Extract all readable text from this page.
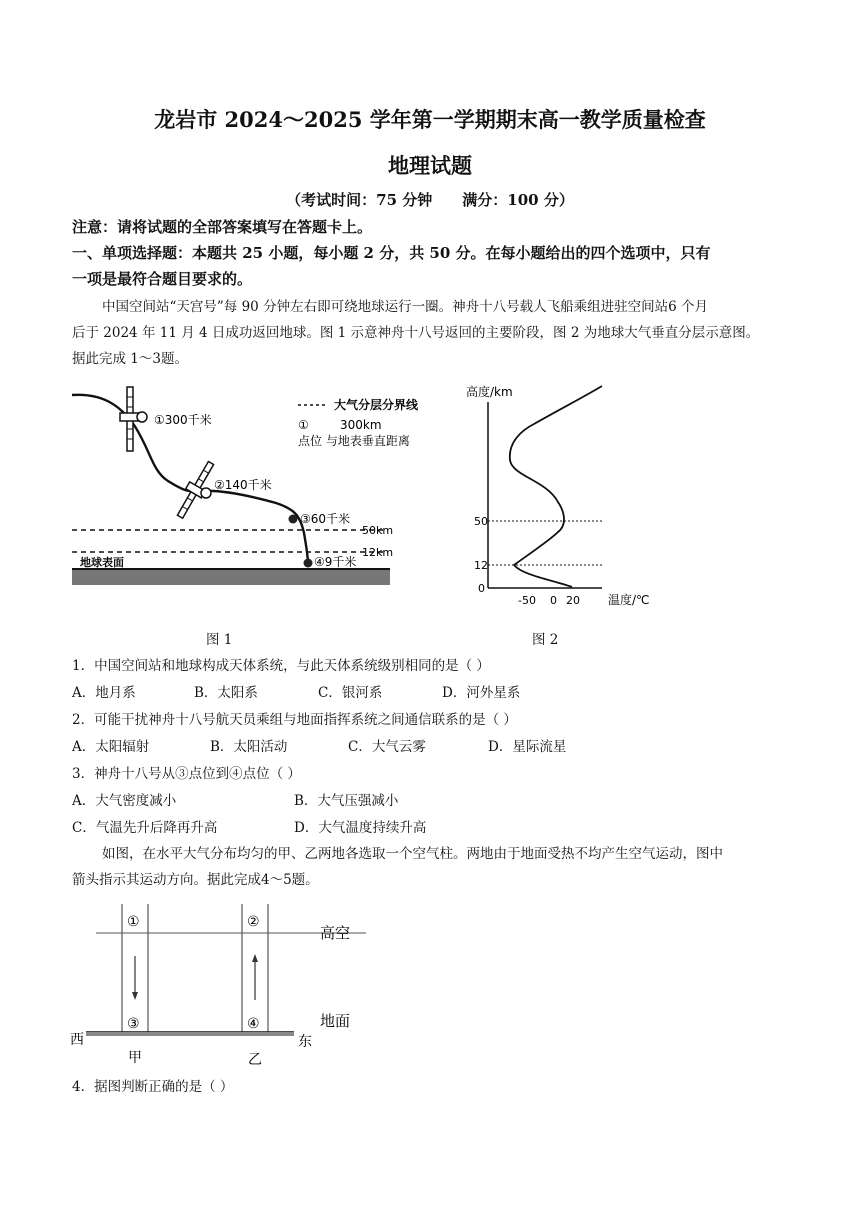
龙岩市 2024～2025 学年第一学期期末高一教学质量检查
地理试题
（考试时间：75 分钟 满分：100 分）
注意：请将试题的全部答案填写在答题卡上。
一、单项选择题：本题共 25 小题，每小题 2 分，共 50 分。在每小题给出的四个选项中，只有
一项是最符合题目要求的。
中国空间站“天宫号”每 90 分钟左右即可绕地球运行一圈。神舟十八号载人飞船乘组进驻空间站6 个月
后于 2024 年 11 月 4 日成功返回地球。图 1 示意神舟十八号返回的主要阶段，图 2 为地球大气垂直分层示意图。
据此完成 1～3题。
①300千米
②140千米
③60千米
④9千米
大气分层分界线
①	300km
点位 与地表垂直距离
50km
12km
地球表面
图 1
高度/km
50
12
0
-50 0 20 温度/℃
图 2
1．中国空间站和地球构成天体系统，与此天体系统级别相同的是（ ）
A．地月系	B．太阳系	C．银河系	D．河外星系
2．可能干扰神舟十八号航天员乘组与地面指挥系统之间通信联系的是（ ）
A．太阳辐射	B．太阳活动	C．大气云雾	D．星际流星
3．神舟十八号从③点位到④点位（ ）
A．大气密度减小	B．大气压强减小
C．气温先升后降再升高	D．大气温度持续升高
如图，在水平大气分布均匀的甲、乙两地各选取一个空气柱。两地由于地面受热不均产生空气运动，图中
箭头指示其运动方向。据此完成4～5题。
①	②
③	④
高空
地面
西	东
甲	乙
4．据图判断正确的是（ ）
